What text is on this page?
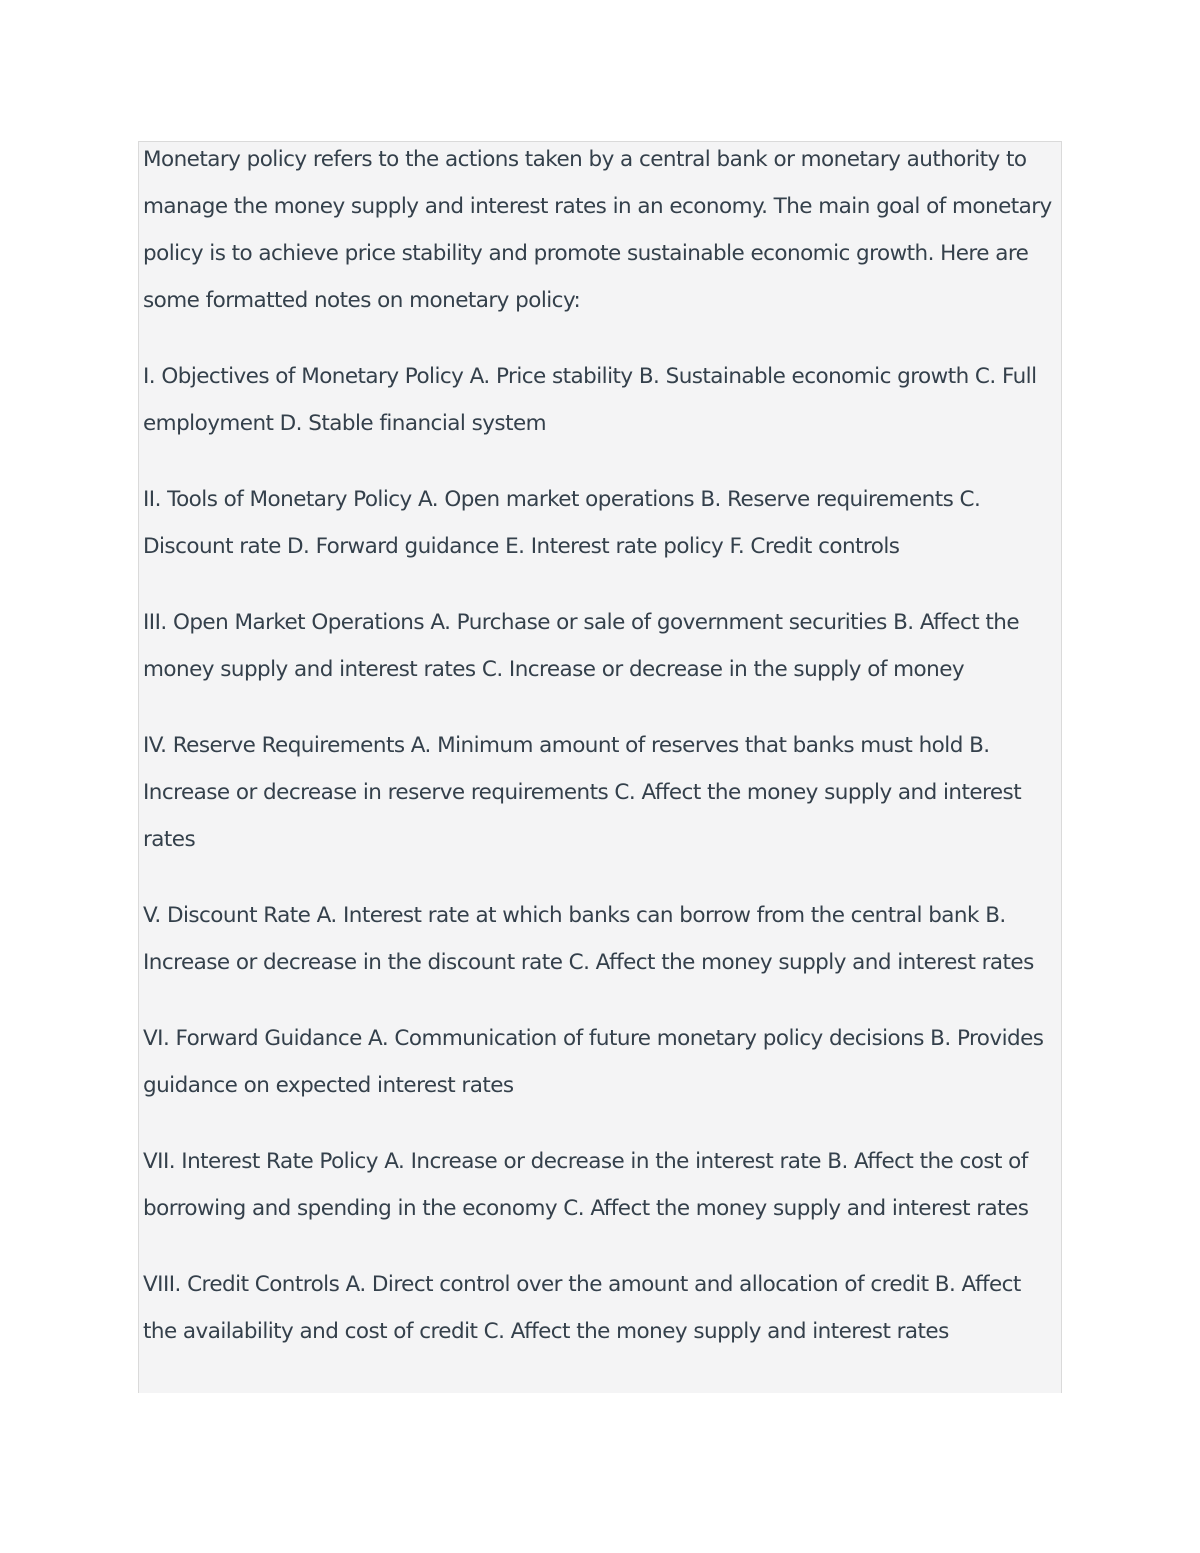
Monetary policy refers to the actions taken by a central bank or monetary authority to manage the money supply and interest rates in an economy. The main goal of monetary policy is to achieve price stability and promote sustainable economic growth. Here are some formatted notes on monetary policy:

I. Objectives of Monetary Policy A. Price stability B. Sustainable economic growth C. Full employment D. Stable financial system

II. Tools of Monetary Policy A. Open market operations B. Reserve requirements C. Discount rate D. Forward guidance E. Interest rate policy F. Credit controls

III. Open Market Operations A. Purchase or sale of government securities B. Affect the money supply and interest rates C. Increase or decrease in the supply of money

IV. Reserve Requirements A. Minimum amount of reserves that banks must hold B. Increase or decrease in reserve requirements C. Affect the money supply and interest rates

V. Discount Rate A. Interest rate at which banks can borrow from the central bank B. Increase or decrease in the discount rate C. Affect the money supply and interest rates

VI. Forward Guidance A. Communication of future monetary policy decisions B. Provides guidance on expected interest rates

VII. Interest Rate Policy A. Increase or decrease in the interest rate B. Affect the cost of borrowing and spending in the economy C. Affect the money supply and interest rates

VIII. Credit Controls A. Direct control over the amount and allocation of credit B. Affect the availability and cost of credit C. Affect the money supply and interest rates
